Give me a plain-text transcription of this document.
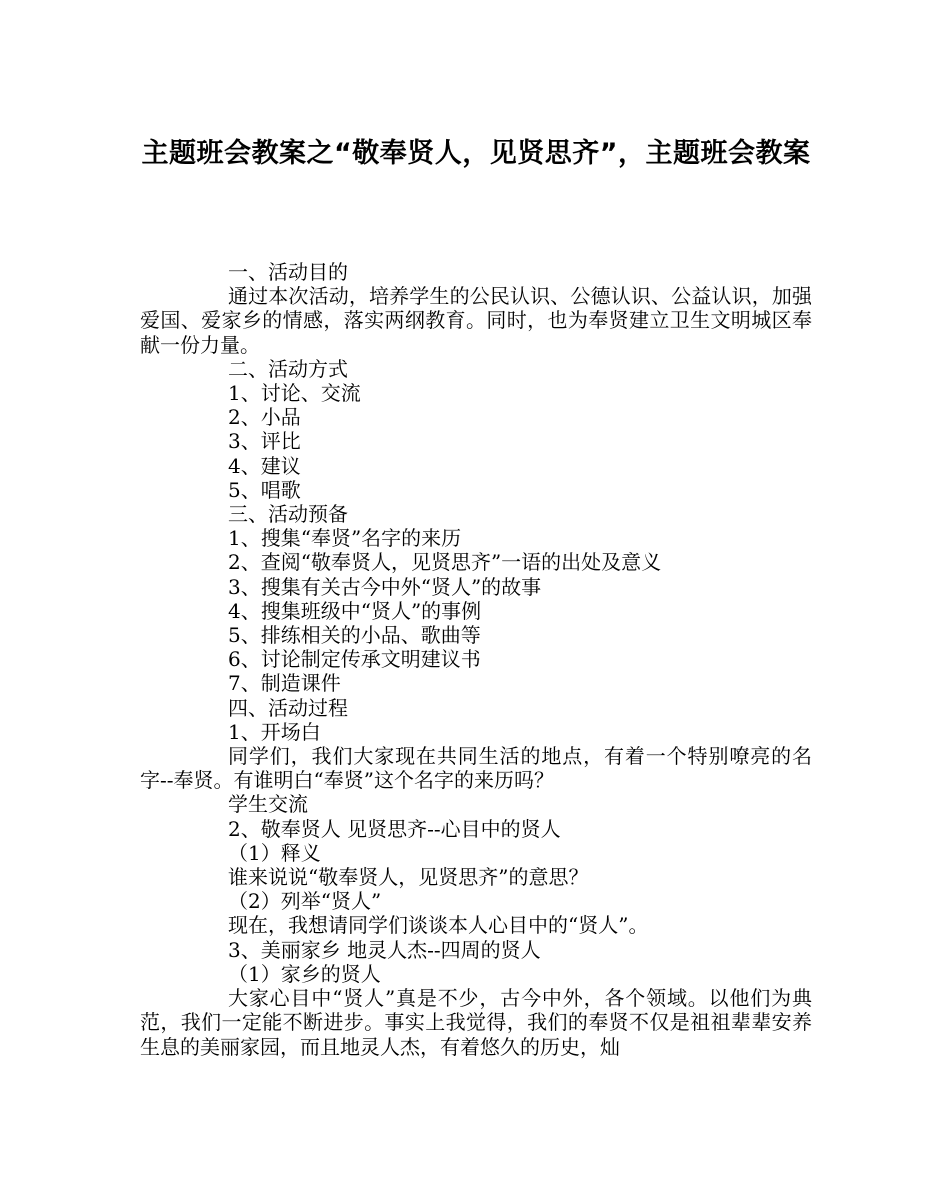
主题班会教案之“敬奉贤人，见贤思齐”，主题班会教案

一、活动目的

通过本次活动，培养学生的公民认识、公德认识、公益认识，加强爱国、爱家乡的情感，落实两纲教育。同时，也为奉贤建立卫生文明城区奉献一份力量。

二、活动方式

1、讨论、交流

2、小品

3、评比

4、建议

5、唱歌

三、活动预备

1、搜集“奉贤”名字的来历

2、查阅“敬奉贤人，见贤思齐”一语的出处及意义

3、搜集有关古今中外“贤人”的故事

4、搜集班级中“贤人”的事例

5、排练相关的小品、歌曲等

6、讨论制定传承文明建议书

7、制造课件

四、活动过程

1、开场白

同学们，我们大家现在共同生活的地点，有着一个特别嘹亮的名字--奉贤。有谁明白“奉贤”这个名字的来历吗？

学生交流

2、敬奉贤人 见贤思齐--心目中的贤人

（1）释义

谁来说说“敬奉贤人，见贤思齐”的意思？

（2）列举“贤人”

现在，我想请同学们谈谈本人心目中的“贤人”。

3、美丽家乡 地灵人杰--四周的贤人

（1）家乡的贤人

大家心目中“贤人”真是不少，古今中外，各个领域。以他们为典范，我们一定能不断进步。事实上我觉得，我们的奉贤不仅是祖祖辈辈安养生息的美丽家园，而且地灵人杰，有着悠久的历史，灿
